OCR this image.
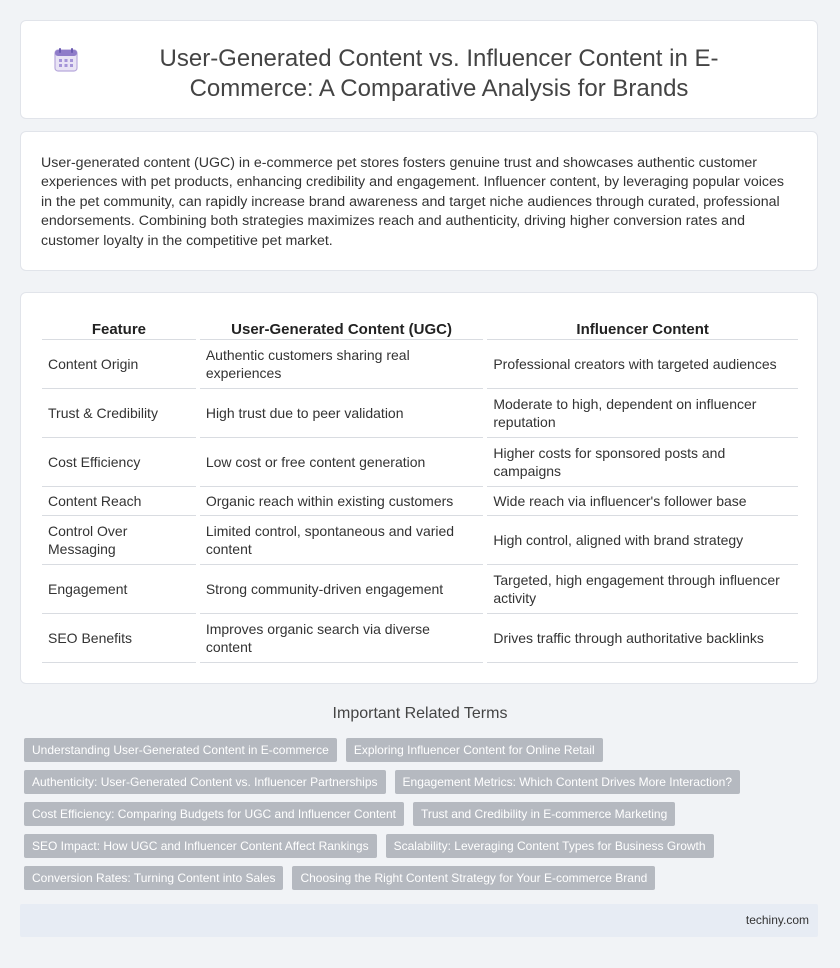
User-Generated Content vs. Influencer Content in E-Commerce: A Comparative Analysis for Brands

User-generated content (UGC) in e-commerce pet stores fosters genuine trust and showcases authentic customer experiences with pet products, enhancing credibility and engagement. Influencer content, by leveraging popular voices in the pet community, can rapidly increase brand awareness and target niche audiences through curated, professional endorsements. Combining both strategies maximizes reach and authenticity, driving higher conversion rates and customer loyalty in the competitive pet market.

Feature		User-Generated Content (UGC)		Influencer Content
Content Origin		Authentic customers sharing real experiences		Professional creators with targeted audiences
Trust & Credibility		High trust due to peer validation		Moderate to high, dependent on influencer reputation
Cost Efficiency		Low cost or free content generation		Higher costs for sponsored posts and campaigns
Content Reach		Organic reach within existing customers		Wide reach via influencer's follower base
Control Over Messaging		Limited control, spontaneous and varied content		High control, aligned with brand strategy
Engagement		Strong community-driven engagement		Targeted, high engagement through influencer activity
SEO Benefits		Improves organic search via diverse content		Drives traffic through authoritative backlinks
Important Related Terms
Understanding User-Generated Content in E-commerce	Exploring Influencer Content for Online Retail
Authenticity: User-Generated Content vs. Influencer Partnerships	Engagement Metrics: Which Content Drives More Interaction?
Cost Efficiency: Comparing Budgets for UGC and Influencer Content	Trust and Credibility in E-commerce Marketing
SEO Impact: How UGC and Influencer Content Affect Rankings	Scalability: Leveraging Content Types for Business Growth
Conversion Rates: Turning Content into Sales	Choosing the Right Content Strategy for Your E-commerce Brand
techiny.com
